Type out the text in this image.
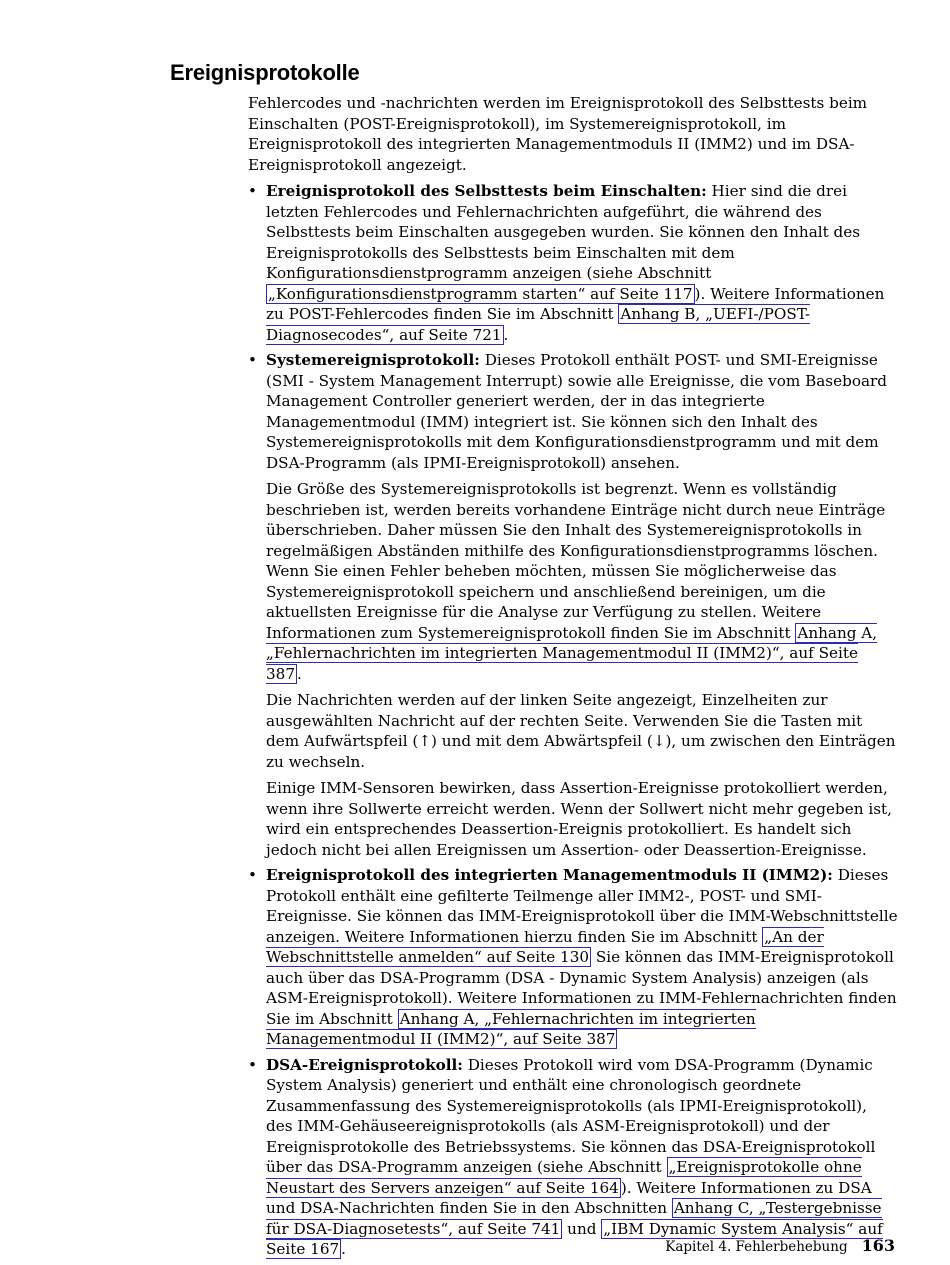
Ereignisprotokolle

Fehlercodes und -nachrichten werden im Ereignisprotokoll des Selbsttests beim Einschalten (POST-Ereignisprotokoll), im Systemereignisprotokoll, im Ereignisprotokoll des integrierten Managementmoduls II (IMM2) und im DSA-Ereignisprotokoll angezeigt.

• Ereignisprotokoll des Selbsttests beim Einschalten: Hier sind die drei letzten Fehlercodes und Fehlernachrichten aufgeführt, die während des Selbsttests beim Einschalten ausgegeben wurden. Sie können den Inhalt des Ereignisprotokolls des Selbsttests beim Einschalten mit dem Konfigurationsdienstprogramm anzeigen (siehe Abschnitt „Konfigurationsdienstprogramm starten“ auf Seite 117 ). Weitere Informationen zu POST-Fehlercodes finden Sie im Abschnitt Anhang B, „UEFI-/POST-Diagnosecodes“, auf Seite 721 .

• Systemereignisprotokoll: Dieses Protokoll enthält POST- und SMI-Ereignisse (SMI - System Management Interrupt) sowie alle Ereignisse, die vom Baseboard Management Controller generiert werden, der in das integrierte Managementmodul (IMM) integriert ist. Sie können sich den Inhalt des Systemereignisprotokolls mit dem Konfigurationsdienstprogramm und mit dem DSA-Programm (als IPMI-Ereignisprotokoll) ansehen.

Die Größe des Systemereignisprotokolls ist begrenzt. Wenn es vollständig beschrieben ist, werden bereits vorhandene Einträge nicht durch neue Einträge überschrieben. Daher müssen Sie den Inhalt des Systemereignisprotokolls in regelmäßigen Abständen mithilfe des Konfigurationsdienstprogramms löschen. Wenn Sie einen Fehler beheben möchten, müssen Sie möglicherweise das Systemereignisprotokoll speichern und anschließend bereinigen, um die aktuellsten Ereignisse für die Analyse zur Verfügung zu stellen. Weitere Informationen zum Systemereignisprotokoll finden Sie im Abschnitt Anhang A, „Fehlernachrichten im integrierten Managementmodul II (IMM2)“, auf Seite 387 .

Die Nachrichten werden auf der linken Seite angezeigt, Einzelheiten zur ausgewählten Nachricht auf der rechten Seite. Verwenden Sie die Tasten mit dem Aufwärtspfeil (↑) und mit dem Abwärtspfeil (↓), um zwischen den Einträgen zu wechseln.

Einige IMM-Sensoren bewirken, dass Assertion-Ereignisse protokolliert werden, wenn ihre Sollwerte erreicht werden. Wenn der Sollwert nicht mehr gegeben ist, wird ein entsprechendes Deassertion-Ereignis protokolliert. Es handelt sich jedoch nicht bei allen Ereignissen um Assertion- oder Deassertion-Ereignisse.

• Ereignisprotokoll des integrierten Managementmoduls II (IMM2): Dieses Protokoll enthält eine gefilterte Teilmenge aller IMM2-, POST- und SMI-Ereignisse. Sie können das IMM-Ereignisprotokoll über die IMM-Webschnittstelle anzeigen. Weitere Informationen hierzu finden Sie im Abschnitt „An der Webschnittstelle anmelden“ auf Seite 130 Sie können das IMM-Ereignisprotokoll auch über das DSA-Programm (DSA - Dynamic System Analysis) anzeigen (als ASM-Ereignisprotokoll). Weitere Informationen zu IMM-Fehlernachrichten finden Sie im Abschnitt Anhang A, „Fehlernachrichten im integrierten Managementmodul II (IMM2)“, auf Seite 387

• DSA-Ereignisprotokoll: Dieses Protokoll wird vom DSA-Programm (Dynamic System Analysis) generiert und enthält eine chronologisch geordnete Zusammenfassung des Systemereignisprotokolls (als IPMI-Ereignisprotokoll), des IMM-Gehäuseereignisprotokolls (als ASM-Ereignisprotokoll) und der Ereignisprotokolle des Betriebssystems. Sie können das DSA-Ereignisprotokoll über das DSA-Programm anzeigen (siehe Abschnitt „Ereignisprotokolle ohne Neustart des Servers anzeigen“ auf Seite 164 ). Weitere Informationen zu DSA und DSA-Nachrichten finden Sie in den Abschnitten Anhang C, „Testergebnisse für DSA-Diagnosetests“, auf Seite 741 und „IBM Dynamic System Analysis“ auf Seite 167 .	Kapitel 4. Fehlerbehebung 163
